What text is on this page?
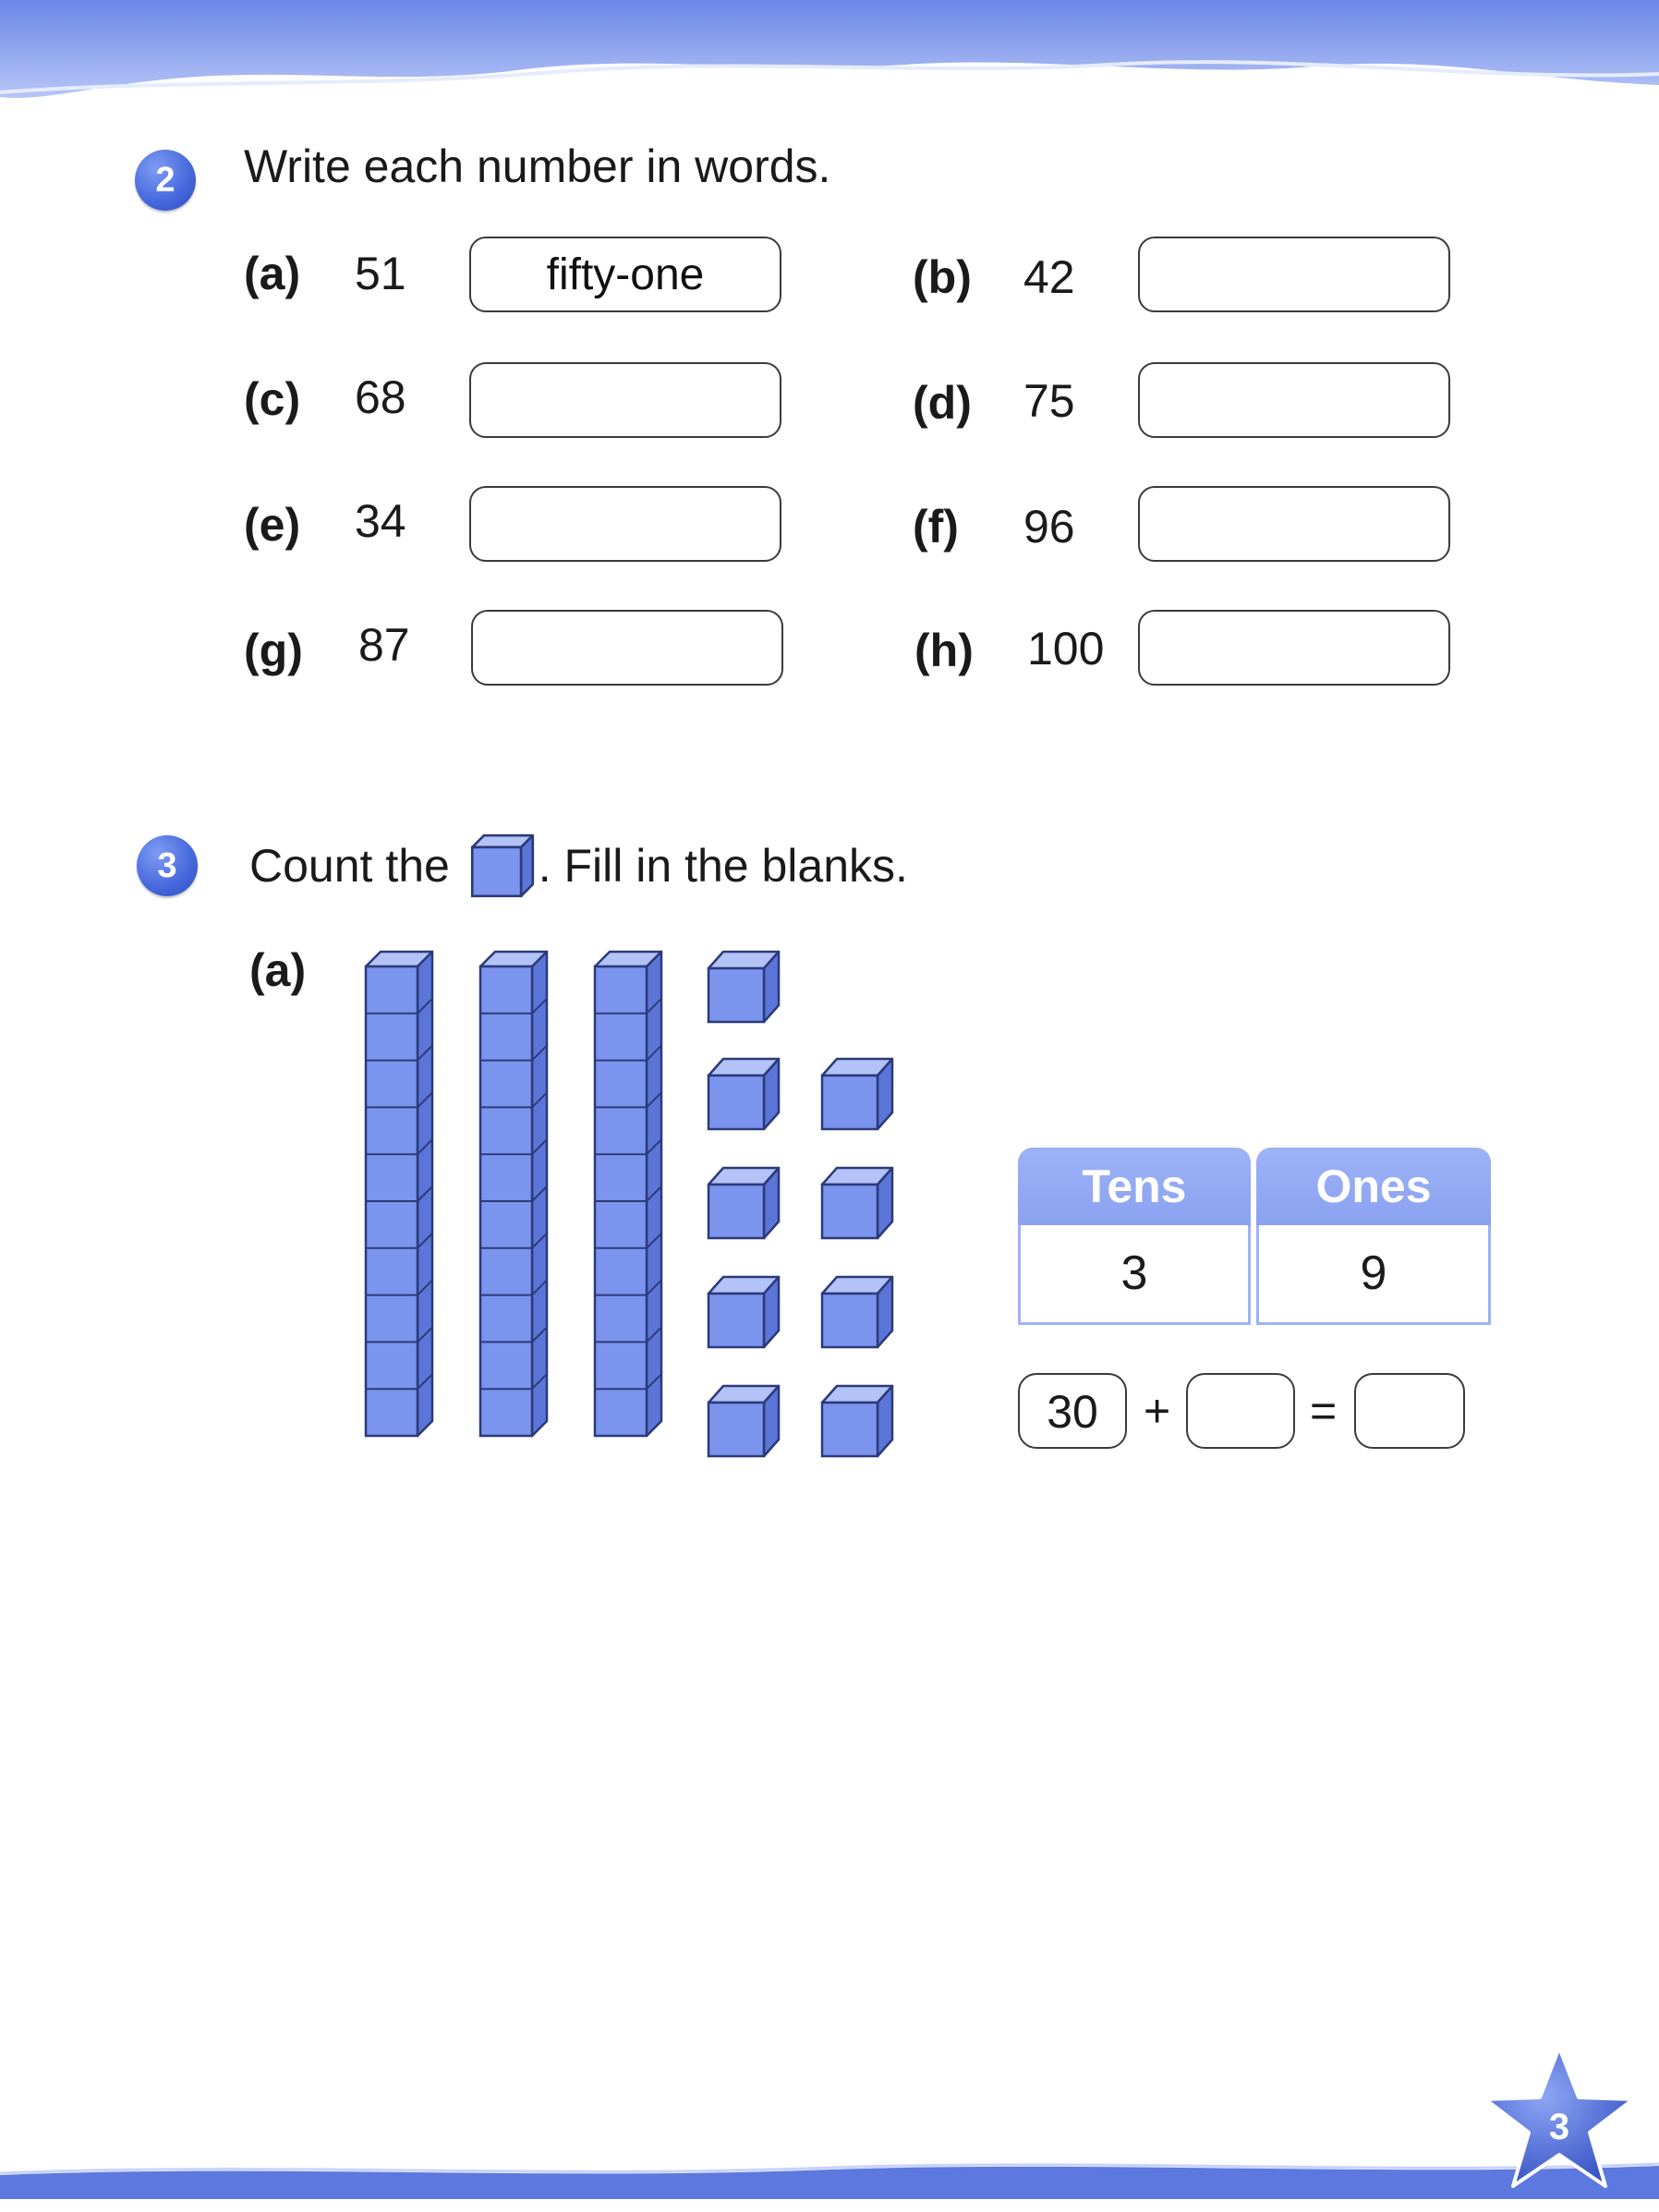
2	Write each number in words.
(a) 51	fifty-one	(b) 42
(c) 68	(d) 75
(e) 34	(f) 96
(g) 87	(h) 100
3	Count the . Fill in the blanks.
(a)
Tens	Ones
3	9
30 +	=
3
